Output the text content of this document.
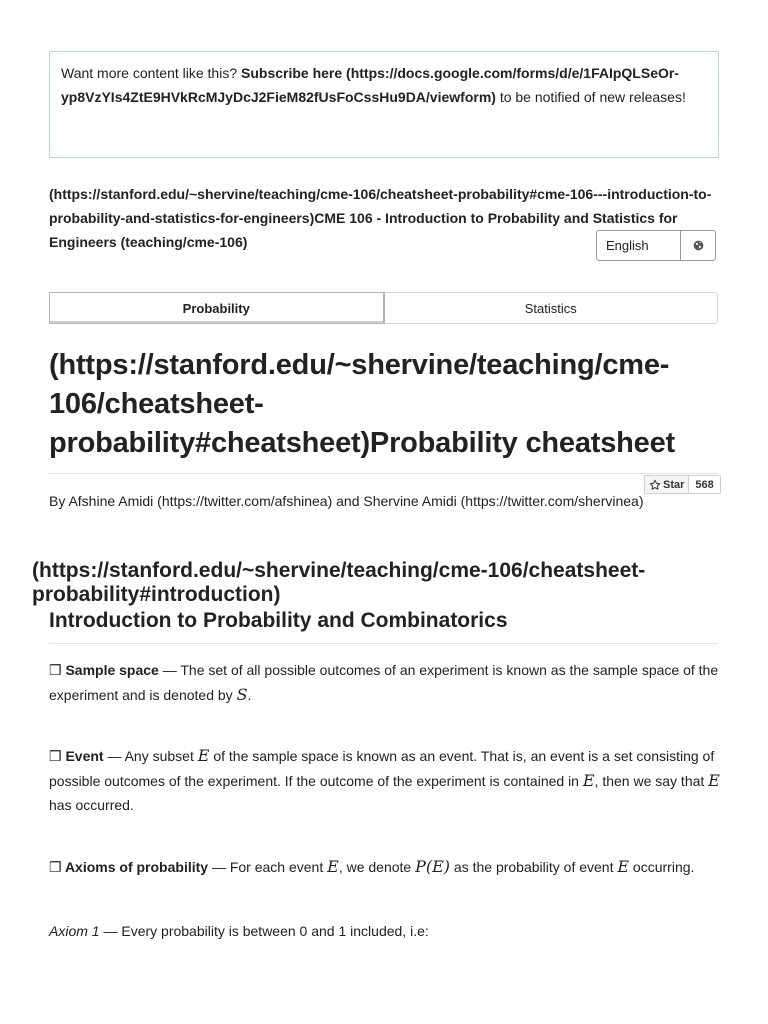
Want more content like this? Subscribe here (https://docs.google.com/forms/d/e/1FAIpQLSeOr-yp8VzYIs4ZtE9HVkRcMJyDcJ2FieM82fUsFoCssHu9DA/viewform) to be notified of new releases!
(https://stanford.edu/~shervine/teaching/cme-106/cheatsheet-probability#cme-106---introduction-to-probability-and-statistics-for-engineers)CME 106 - Introduction to Probability and Statistics for Engineers (teaching/cme-106)	English
Probability	Statistics
(https://stanford.edu/~shervine/teaching/cme-106/cheatsheet-probability#cheatsheet)Probability cheatsheet
Star	568
By Afshine Amidi (https://twitter.com/afshinea) and Shervine Amidi (https://twitter.com/shervinea)
(https://stanford.edu/~shervine/teaching/cme-106/cheatsheet-probability#introduction)
Introduction to Probability and Combinatorics
❒ Sample space — The set of all possible outcomes of an experiment is known as the sample space of the experiment and is denoted by S.
❒ Event — Any subset E of the sample space is known as an event. That is, an event is a set consisting of possible outcomes of the experiment. If the outcome of the experiment is contained in E, then we say that E has occurred.
❒ Axioms of probability — For each event E, we denote P(E) as the probability of event E occurring.
Axiom 1 — Every probability is between 0 and 1 included, i.e:
